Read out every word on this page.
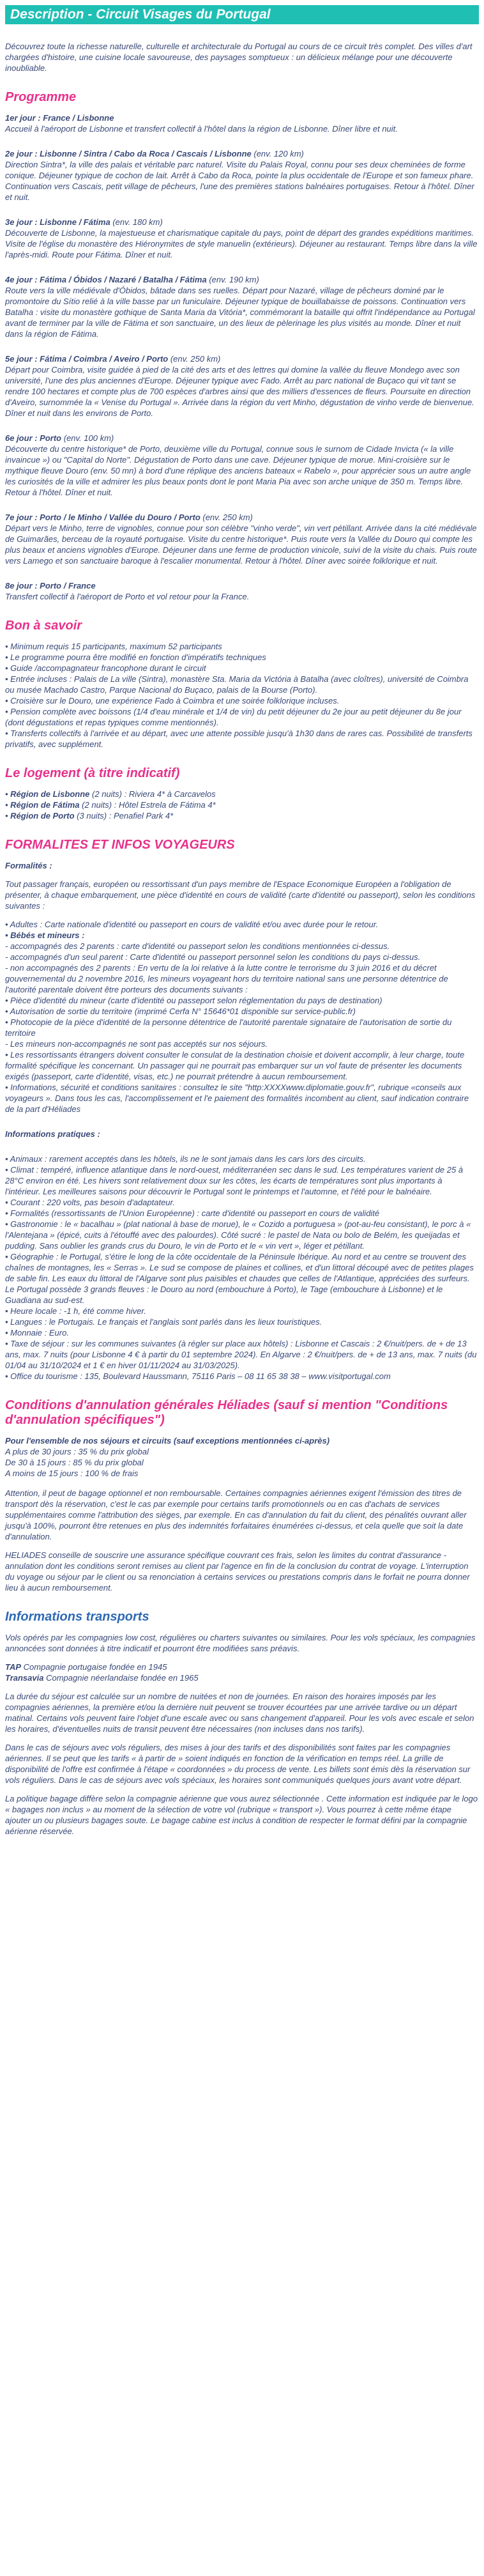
Description - Circuit Visages du Portugal

Découvrez toute la richesse naturelle, culturelle et architecturale du Portugal au cours de ce circuit très complet. Des villes d'art chargées d'histoire, une cuisine locale savoureuse, des paysages somptueux : un délicieux mélange pour une découverte inoubliable.

Programme

1er jour : France / Lisbonne
Accueil à l'aéroport de Lisbonne et transfert collectif à l'hôtel dans la région de Lisbonne. Dîner libre et nuit.

2e jour : Lisbonne / Sintra / Cabo da Roca / Cascais / Lisbonne (env. 120 km)
Direction Sintra*, la ville des palais et véritable parc naturel. Visite du Palais Royal, connu pour ses deux cheminées de forme conique. Déjeuner typique de cochon de lait. Arrêt à Cabo da Roca, pointe la plus occidentale de l'Europe et son fameux phare. Continuation vers Cascais, petit village de pêcheurs, l'une des premières stations balnéaires portugaises. Retour à l'hôtel. Dîner et nuit.

3e jour : Lisbonne / Fátima (env. 180 km)
Découverte de Lisbonne, la majestueuse et charismatique capitale du pays, point de départ des grandes expéditions maritimes. Visite de l'église du monastère des Hiéronymites de style manuelin (extérieurs). Déjeuner au restaurant. Temps libre dans la ville l'après-midi. Route pour Fátima. Dîner et nuit.

4e jour : Fátima / Óbidos / Nazaré / Batalha / Fátima (env. 190 km)
Route vers la ville médiévale d'Óbidos, bâtade dans ses ruelles. Départ pour Nazaré, village de pêcheurs dominé par le promontoire du Sítio relié à la ville basse par un funiculaire. Déjeuner typique de bouillabaisse de poissons. Continuation vers Batalha : visite du monastère gothique de Santa Maria da Vitória*, commémorant la bataille qui offrit l'indépendance au Portugal avant de terminer par la ville de Fátima et son sanctuaire, un des lieux de pèlerinage les plus visités au monde. Dîner et nuit dans la région de Fátima.

5e jour : Fátima / Coimbra / Aveiro / Porto (env. 250 km)
Départ pour Coimbra, visite guidée à pied de la cité des arts et des lettres qui domine la vallée du fleuve Mondego avec son université, l'une des plus anciennes d'Europe. Déjeuner typique avec Fado. Arrêt au parc national de Buçaco qui vit tant se rendre 100 hectares et compte plus de 700 espèces d'arbres ainsi que des milliers d'essences de fleurs. Poursuite en direction d'Aveiro, surnommée la « Venise du Portugal ». Arrivée dans la région du vert Minho, dégustation de vinho verde de bienvenue. Dîner et nuit dans les environs de Porto.

6e jour : Porto (env. 100 km)
Découverte du centre historique* de Porto, deuxième ville du Portugal, connue sous le surnom de Cidade Invicta (« la ville invaincue ») ou "Capital do Norte". Dégustation de Porto dans une cave. Déjeuner typique de morue. Mini-croisière sur le mythique fleuve Douro (env. 50 mn) à bord d'une réplique des anciens bateaux « Rabelo », pour apprécier sous un autre angle les curiosités de la ville et admirer les plus beaux ponts dont le pont Maria Pia avec son arche unique de 350 m. Temps libre. Retour à l'hôtel. Dîner et nuit.

7e jour : Porto / le Minho / Vallée du Douro / Porto (env. 250 km)
Départ vers le Minho, terre de vignobles, connue pour son célèbre "vinho verde", vin vert pétillant. Arrivée dans la cité médiévale de Guimarães, berceau de la royauté portugaise. Visite du centre historique*. Puis route vers la Vallée du Douro qui compte les plus beaux et anciens vignobles d'Europe. Déjeuner dans une ferme de production vinicole, suivi de la visite du chais. Puis route vers Lamego et son sanctuaire baroque à l'escalier monumental. Retour à l'hôtel. Dîner avec soirée folklorique et nuit.

8e jour : Porto / France
Transfert collectif à l'aéroport de Porto et vol retour pour la France.

Bon à savoir
• Minimum requis 15 participants, maximum 52 participants
• Le programme pourra être modifié en fonction d'impératifs techniques
• Guide /accompagnateur francophone durant le circuit
• Entrée incluses : Palais de La ville (Sintra), monastère Sta. Maria da Victória à Batalha (avec cloîtres), université de Coimbra ou musée Machado Castro, Parque Nacional do Buçaco, palais de la Bourse (Porto).
• Croisière sur le Douro, une expérience Fado à Coimbra et une soirée folklorique incluses.
• Pension complète avec boissons (1/4 d'eau minérale et 1/4 de vin) du petit déjeuner du 2e jour au petit déjeuner du 8e jour (dont dégustations et repas typiques comme mentionnés).
• Transferts collectifs à l'arrivée et au départ, avec une attente possible jusqu'à 1h30 dans de rares cas. Possibilité de transferts privatifs, avec supplément.
Le logement (à titre indicatif)
• Région de Lisbonne (2 nuits) : Riviera 4* à Carcavelos
• Région de Fátima (2 nuits) : Hôtel Estrela de Fátima 4*
• Région de Porto (3 nuits) : Penafiel Park 4*
FORMALITES ET INFOS VOYAGEURS

Formalités :

Tout passager français, européen ou ressortissant d'un pays membre de l'Espace Economique Européen a l'obligation de présenter, à chaque embarquement, une pièce d'identité en cours de validité (carte d'identité ou passeport), selon les conditions suivantes :

• Adultes : Carte nationale d'identité ou passeport en cours de validité et/ou avec durée pour le retour.

• Bébés et mineurs :

- accompagnés des 2 parents : carte d'identité ou passeport selon les conditions mentionnées ci-dessus.

- accompagnés d'un seul parent : Carte d'identité ou passeport personnel selon les conditions du pays ci-dessus.

- non accompagnés des 2 parents : En vertu de la loi relative à la lutte contre le terrorisme du 3 juin 2016 et du décret gouvernemental du 2 novembre 2016, les mineurs voyageant hors du territoire national sans une personne détentrice de l'autorité parentale doivent être porteurs des documents suivants :

• Pièce d'identité du mineur (carte d'identité ou passeport selon réglementation du pays de destination)

• Autorisation de sortie du territoire (imprimé Cerfa N° 15646*01 disponible sur service-public.fr)

• Photocopie de la pièce d'identité de la personne détentrice de l'autorité parentale signataire de l'autorisation de sortie du territoire

- Les mineurs non-accompagnés ne sont pas acceptés sur nos séjours.

• Les ressortissants étrangers doivent consulter le consulat de la destination choisie et doivent accomplir, à leur charge, toute formalité spécifique les concernant. Un passager qui ne pourrait pas embarquer sur un vol faute de présenter les documents exigés (passeport, carte d'identité, visas, etc.) ne pourrait prétendre à aucun remboursement.

• Informations, sécurité et conditions sanitaires : consultez le site "http:XXXXwww.diplomatie.gouv.fr", rubrique «conseils aux voyageurs ». Dans tous les cas, l'accomplissement et l'e paiement des formalités incombent au client, sauf indication contraire de la part d'Héliades

Informations pratiques :

• Animaux : rarement acceptés dans les hôtels, ils ne le sont jamais dans les cars lors des circuits.

• Climat : tempéré, influence atlantique dans le nord-ouest, méditerranéen sec dans le sud. Les températures varient de 25 à 28°C environ en été. Les hivers sont relativement doux sur les côtes, les écarts de températures sont plus importants à l'intérieur. Les meilleures saisons pour découvrir le Portugal sont le printemps et l'automne, et l'été pour le balnéaire.

• Courant : 220 volts, pas besoin d'adaptateur.

• Formalités (ressortissants de l'Union Européenne) : carte d'identité ou passeport en cours de validité

• Gastronomie : le « bacalhau » (plat national à base de morue), le « Cozido a portuguesa » (pot-au-feu consistant), le porc à « l'Alentejana » (épicé, cuits à l'étouffé avec des palourdes). Côté sucré : le pastel de Nata ou bolo de Belém, les queijadas et pudding. Sans oublier les grands crus du Douro, le vin de Porto et le « vin vert », léger et pétillant.

• Géographie : le Portugal, s'étire le long de la côte occidentale de la Péninsule Ibérique. Au nord et au centre se trouvent des chaînes de montagnes, les « Serras ». Le sud se compose de plaines et collines, et d'un littoral découpé avec de petites plages de sable fin. Les eaux du littoral de l'Algarve sont plus paisibles et chaudes que celles de l'Atlantique, appréciées des surfeurs. Le Portugal possède 3 grands fleuves : le Douro au nord (embouchure à Porto), le Tage (embouchure à Lisbonne) et le Guadiana au sud-est.

• Heure locale : -1 h, été comme hiver.

• Langues : le Portugais. Le français et l'anglais sont parlés dans les lieux touristiques.

• Monnaie : Euro.

• Taxe de séjour : sur les communes suivantes (à régler sur place aux hôtels) : Lisbonne et Cascais : 2 €/nuit/pers. de + de 13 ans, max. 7 nuits (pour Lisbonne 4 € à partir du 01 septembre 2024). En Algarve : 2 €/nuit/pers. de + de 13 ans, max. 7 nuits (du 01/04 au 31/10/2024 et 1 € en hiver 01/11/2024 au 31/03/2025).

• Office du tourisme : 135, Boulevard Haussmann, 75116 Paris – 08 11 65 38 38 – www.visitportugal.com

Conditions d'annulation générales Héliades (sauf si mention "Conditions d'annulation spécifiques")

Pour l'ensemble de nos séjours et circuits (sauf exceptions mentionnées ci-après)

A plus de 30 jours : 35 % du prix global

De 30 à 15 jours : 85 % du prix global

A moins de 15 jours : 100 % de frais

Attention, il peut de bagage optionnel et non remboursable. Certaines compagnies aériennes exigent l'émission des titres de transport dès la réservation, c'est le cas par exemple pour certains tarifs promotionnels ou en cas d'achats de services supplémentaires comme l'attribution des sièges, par exemple. En cas d'annulation du fait du client, des pénalités ouvrant aller jusqu'à 100%, pourront être retenues en plus des indemnités forfaitaires énumérées ci-dessus, et cela quelle que soit la date d'annulation.

HELIADES conseille de souscrire une assurance spécifique couvrant ces frais, selon les limites du contrat d'assurance - annulation dont les conditions seront remises au client par l'agence en fin de la conclusion du contrat de voyage. L'interruption du voyage ou séjour par le client ou sa renonciation à certains services ou prestations compris dans le forfait ne pourra donner lieu à aucun remboursement.

Informations transports

Vols opérés par les compagnies low cost, régulières ou charters suivantes ou similaires. Pour les vols spéciaux, les compagnies annoncées sont données à titre indicatif et pourront être modifiées sans préavis.

TAP Compagnie portugaise fondée en 1945

Transavia Compagnie néerlandaise fondée en 1965

La durée du séjour est calculée sur un nombre de nuitées et non de journées. En raison des horaires imposés par les compagnies aériennes, la première et/ou la dernière nuit peuvent se trouver écourtées par une arrivée tardive ou un départ matinal. Certains vols peuvent faire l'objet d'une escale avec ou sans changement d'appareil. Pour les vols avec escale et selon les horaires, d'éventuelles nuits de transit peuvent être nécessaires (non incluses dans nos tarifs).

Dans le cas de séjours avec vols réguliers, des mises à jour des tarifs et des disponibilités sont faites par les compagnies aériennes. Il se peut que les tarifs « à partir de » soient indiqués en fonction de la vérification en temps réel. La grille de disponibilité de l'offre est confirmée à l'étape « coordonnées » du process de vente. Les billets sont émis dès la réservation sur vols réguliers. Dans le cas de séjours avec vols spéciaux, les horaires sont communiqués quelques jours avant votre départ.

La politique bagage diffère selon la compagnie aérienne que vous aurez sélectionnée . Cette information est indiquée par le logo « bagages non inclus » au moment de la sélection de votre vol (rubrique « transport »). Vous pourrez à cette même étape ajouter un ou plusieurs bagages soute. Le bagage cabine est inclus à condition de respecter le format défini par la compagnie aérienne réservée.
